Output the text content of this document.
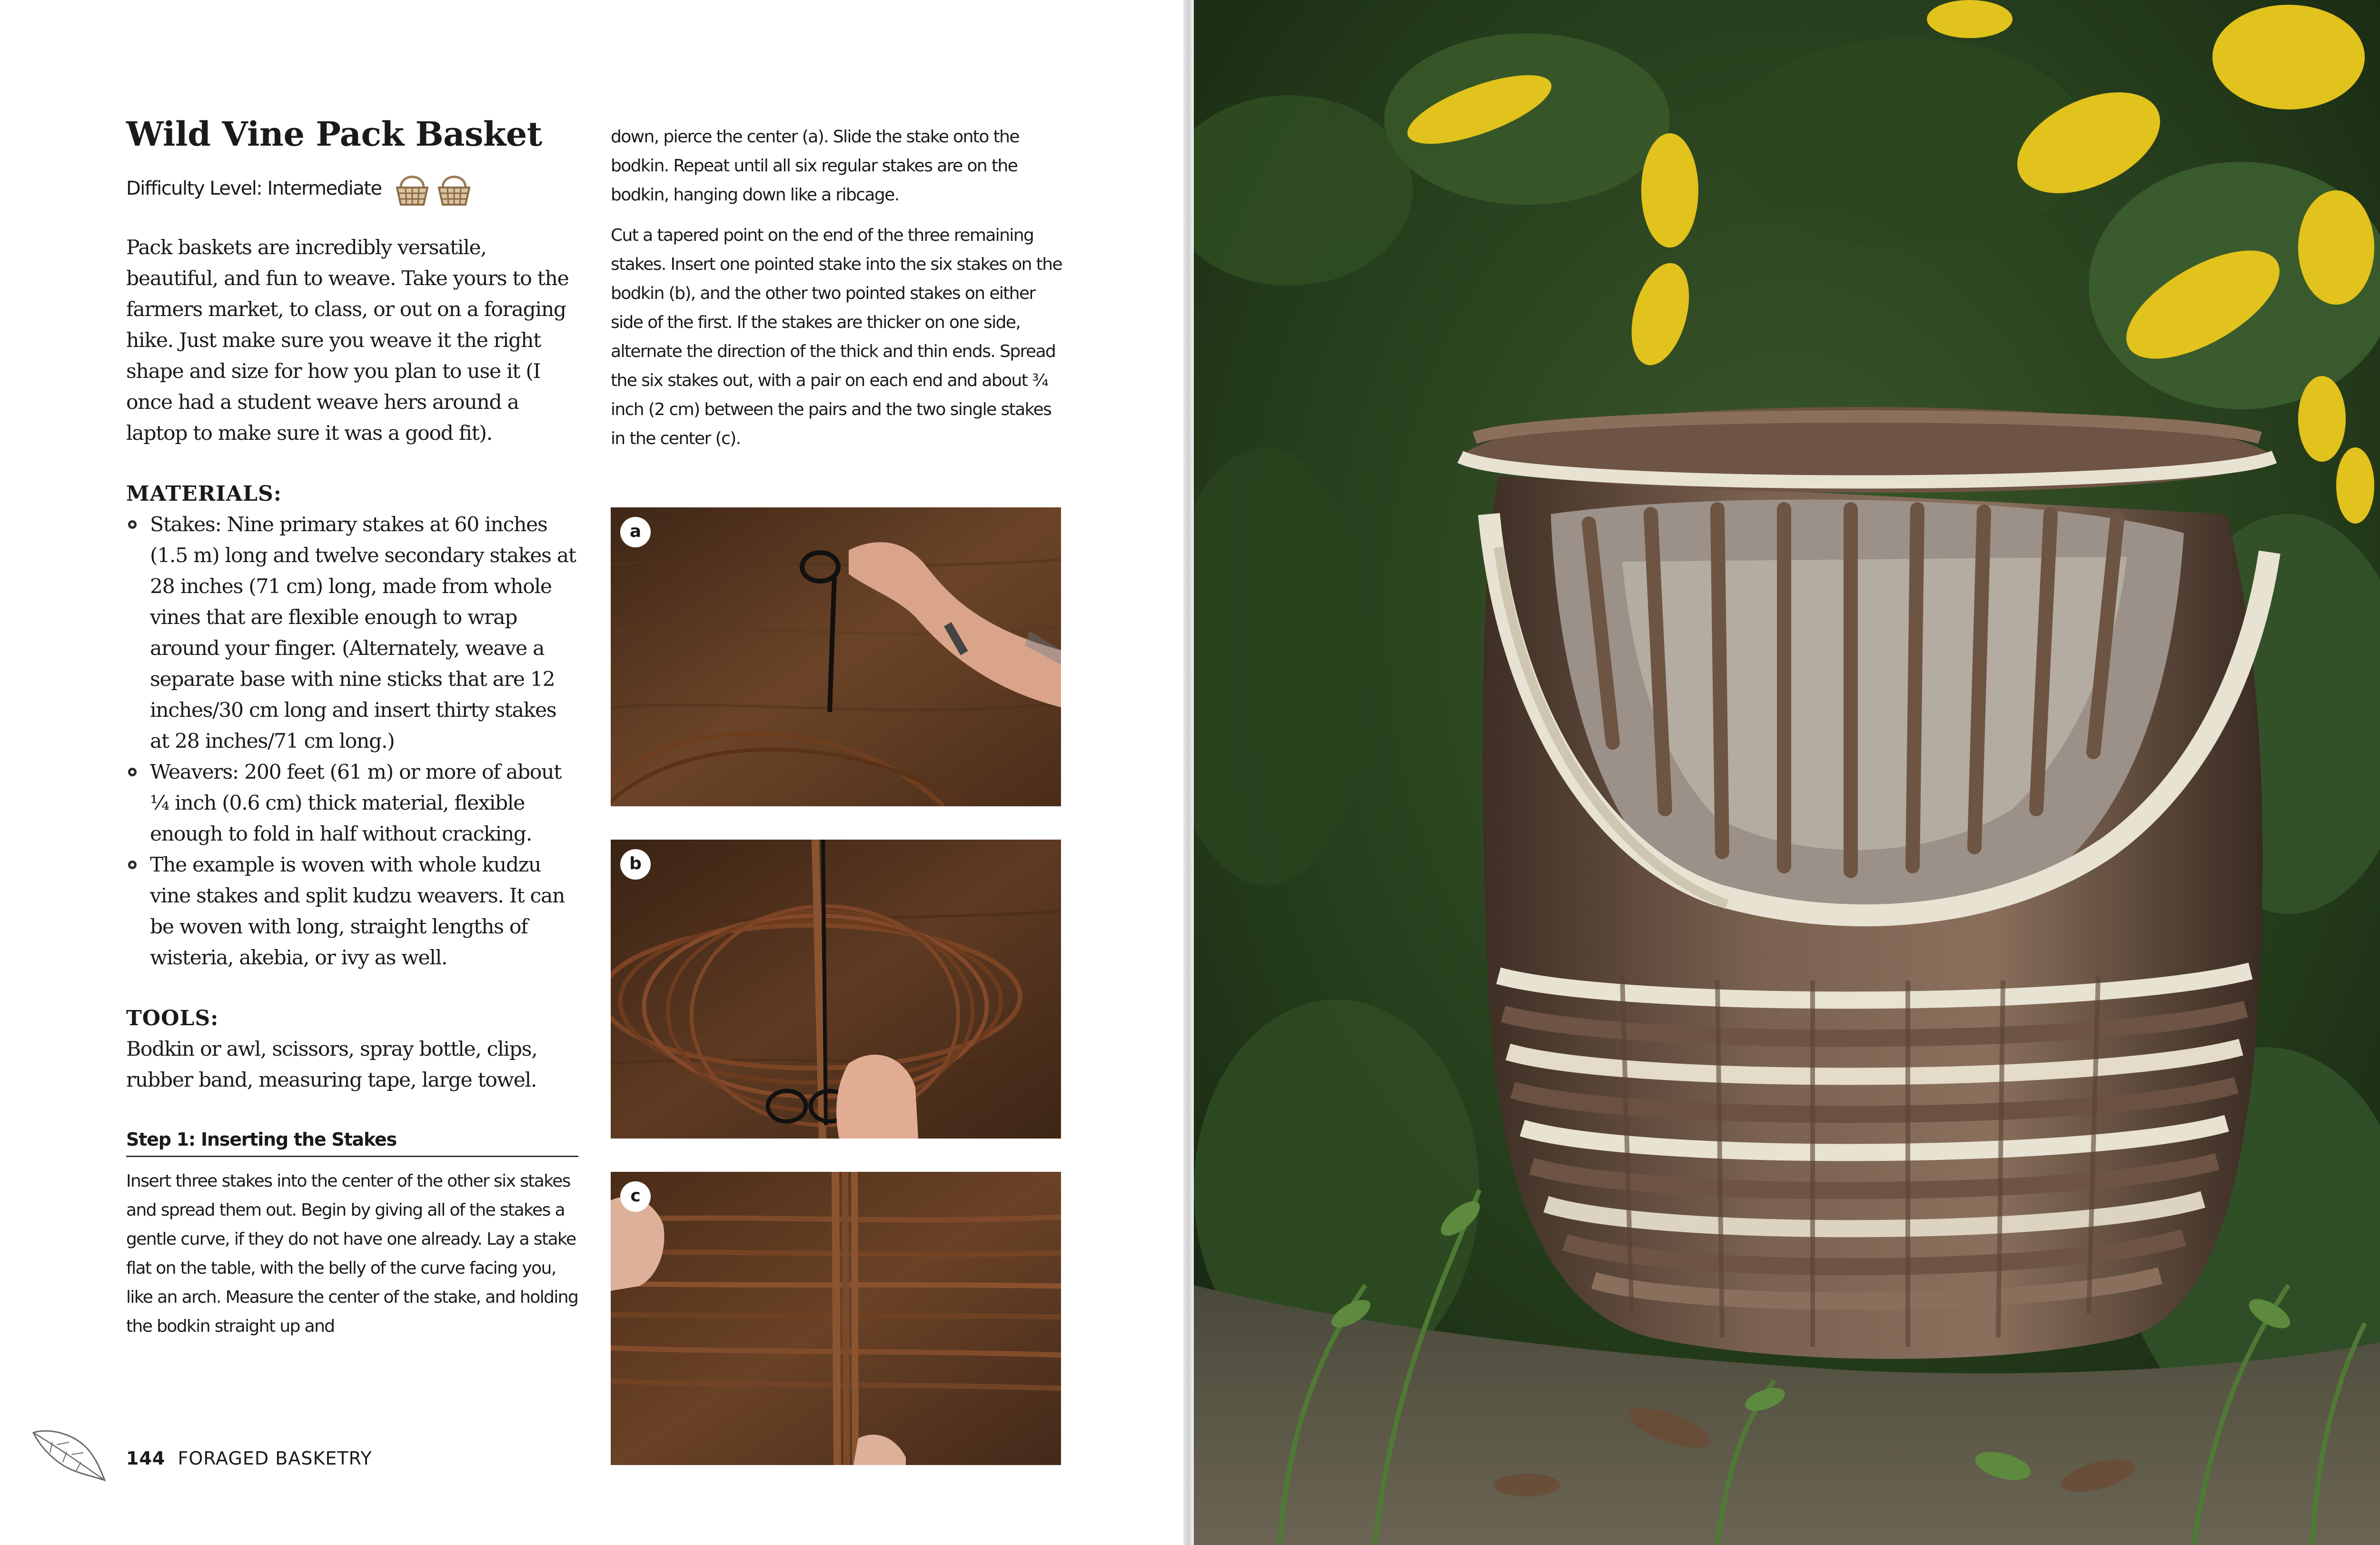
Wild Vine Pack Basket
Difficulty Level: Intermediate

Pack baskets are incredibly versatile, beautiful, and fun to weave. Take yours to the farmers market, to class, or out on a foraging hike. Just make sure you weave it the right shape and size for how you plan to use it (I once had a student weave hers around a laptop to make sure it was a good fit).

MATERIALS:
Stakes: Nine primary stakes at 60 inches (1.5 m) long and twelve secondary stakes at 28 inches (71 cm) long, made from whole vines that are flexible enough to wrap around your finger. (Alternately, weave a separate base with nine sticks that are 12 inches/30 cm long and insert thirty stakes at 28 inches/71 cm long.)
Weavers: 200 feet (61 m) or more of about ¼ inch (0.6 cm) thick material, flexible enough to fold in half without cracking.
The example is woven with whole kudzu vine stakes and split kudzu weavers. It can be woven with long, straight lengths of wisteria, akebia, or ivy as well.
TOOLS:
Bodkin or awl, scissors, spray bottle, clips, rubber band, measuring tape, large towel.
Step 1: Inserting the Stakes
Insert three stakes into the center of the other six stakes and spread them out. Begin by giving all of the stakes a gentle curve, if they do not have one already. Lay a stake flat on the table, with the belly of the curve facing you, like an arch. Measure the center of the stake, and holding the bodkin straight up and

down, pierce the center (a). Slide the stake onto the bodkin. Repeat until all six regular stakes are on the bodkin, hanging down like a ribcage.

Cut a tapered point on the end of the three remaining stakes. Insert one pointed stake into the six stakes on the bodkin (b), and the other two pointed stakes on either side of the first. If the stakes are thicker on one side, alternate the direction of the thick and thin ends. Spread the six stakes out, with a pair on each end and about ¾ inch (2 cm) between the pairs and the two single stakes in the center (c).

a
b
c
144 FORAGED BASKETRY
